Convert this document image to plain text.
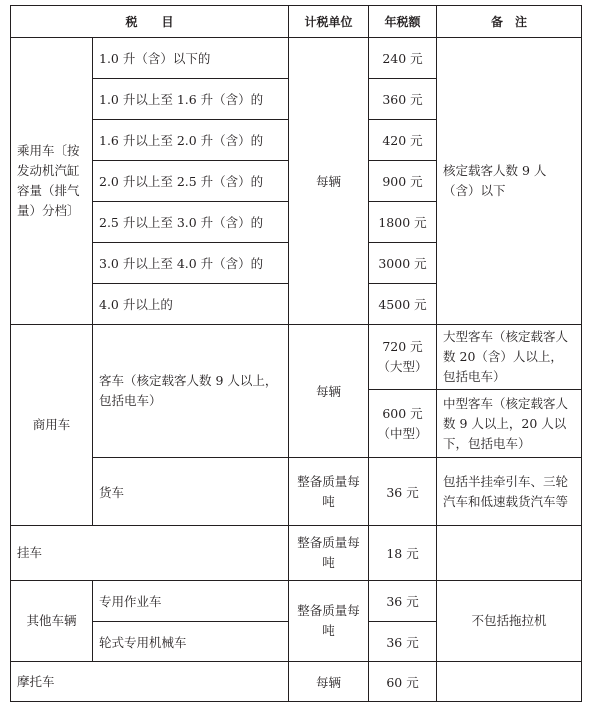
税　　目		计税单位	年税额	备　注
乘用车〔按发动机汽缸容量（排气量）分档〕	1.0 升（含）以下的	每辆	240 元	核定载客人数 9 人（含）以下
	1.0 升以上至 1.6 升（含）的		360 元	
	1.6 升以上至 2.0 升（含）的		420 元	
	2.0 升以上至 2.5 升（含）的		900 元	
	2.5 升以上至 3.0 升（含）的		1800 元	
	3.0 升以上至 4.0 升（含）的		3000 元	
	4.0 升以上的		4500 元	
商用车	客车（核定载客人数 9 人以上，包括电车）	每辆	720 元（大型）	大型客车（核定载客人数 20（含）人以上，包括电车）
			600 元（中型）	中型客车（核定载客人数 9 人以上，20 人以下，包括电车）
	货车	整备质量每吨	36 元	包括半挂牵引车、三轮汽车和低速载货汽车等
挂车		整备质量每吨	18 元	
其他车辆	专用作业车	整备质量每吨	36 元	不包括拖拉机
	轮式专用机械车		36 元	
摩托车		每辆	60 元	
